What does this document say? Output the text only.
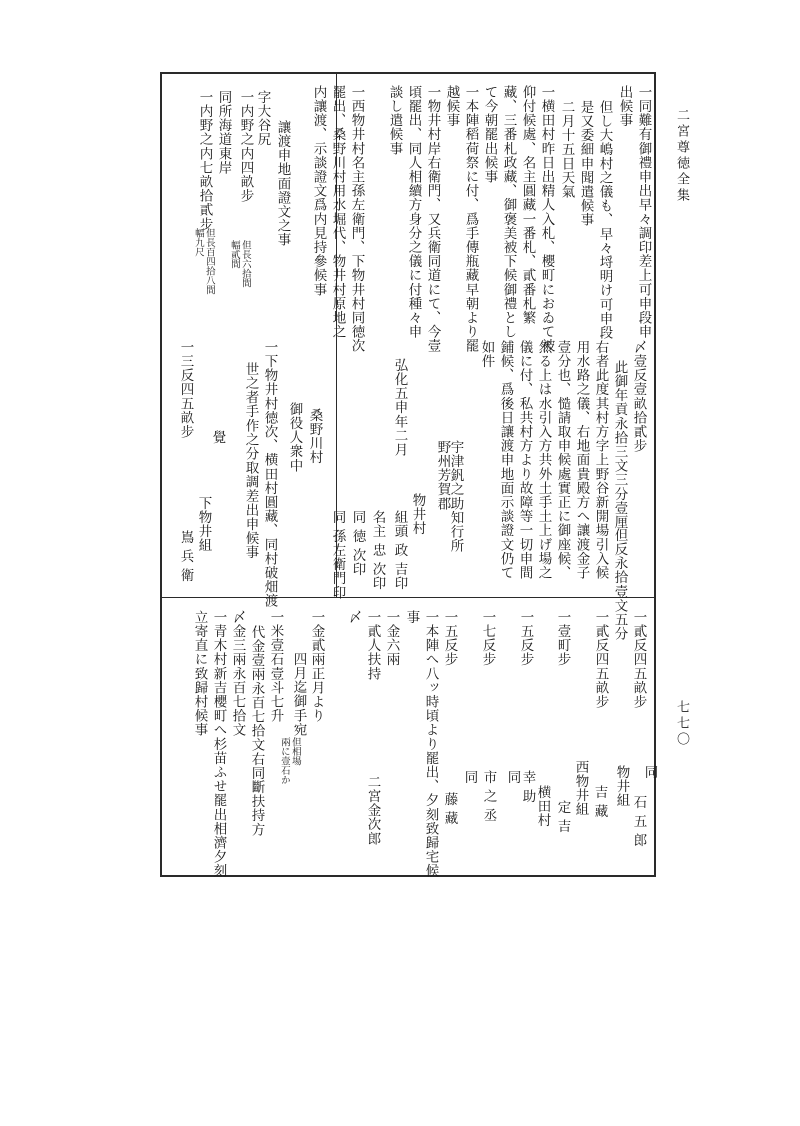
二宮尊徳全集
七七〇
一同難有御禮申出早々調印差上可申段申
出候事
但し大嶋村之儀も、早々埒明け可申段
是又委細申聞遣候事
二月十五日天氣
一横田村昨日出精人入札、櫻町におゐて被
仰付候處、名主圓藏一番札、貳番札繁
藏、三番札政藏、御褒美被下候御禮とし
て今朝罷出候事
一本陣稻荷祭に付、爲手傳瓶藏早朝より罷
越候事
一物井村岸右衛門、又兵衛同道にて、今壹
頃罷出、同人相續方身分之儀に付種々申
談し遣候事
一西物井村名主孫左衛門、下物井村同徳次
罷出、桑野川村用水堀代、物井村原地之
内讓渡、示談證文爲内見持參候事
讓渡申地面證文之事
字大谷尻
一内野之内四畝步
同所海道東岸
一内野之内七畝拾貳步
〆壹反壹畝拾貳步
此御年貢永拾三文三分壹厘
但反永拾壹文五分
右者此度其村方字上野谷新開場引入候
用水路之儀、右地面貴殿方へ讓渡金子
壹分也、慥請取申候處實正に御座候、
然る上は水引入方共外土手土上げ場之
儀に付、私共村方より故障等一切申間
鋪候、爲後日讓渡申地面示談證文仍て
如件
宇津釩之助知行所
野州芳賀郡
物井村
弘化五申年二月
組頭 政 吉印
名主 忠 次印
同 徳 次印
同 孫左衛門印
桑野川村
御役人衆中
一下物井村徳次、横田村圓藏、同村破畑渡
世之者手作之分取調差出申候事
覺
下物井組
一三反四五畝步
嶌 兵 衛
一貳反四五畝步
同
石 五 郎
物井組
一貳反四五畝步
吉 藏
西物井組
一壹町步
定 吉
横田村
一五反步
幸 助
同
一七反步
市 之 丞
同
一五反步
藤 藏
一本陣へ八ッ時頃より罷出、夕刻致歸宅候
事
一金六兩
一貳人扶持
二宮金次郎
〆
一金貳兩正月より
四月迄御手宛
一米壹石壹斗七升
代金壹兩永百七拾文右同斷扶持方
〆金三兩永百七拾文
一青木村新吉櫻町へ杉苗ふせ罷出相濟夕刻
立寄直に致歸村候事
但長六拾間
幅貳間
但長百四拾八間
幅九尺
但相場
兩に壹石か
